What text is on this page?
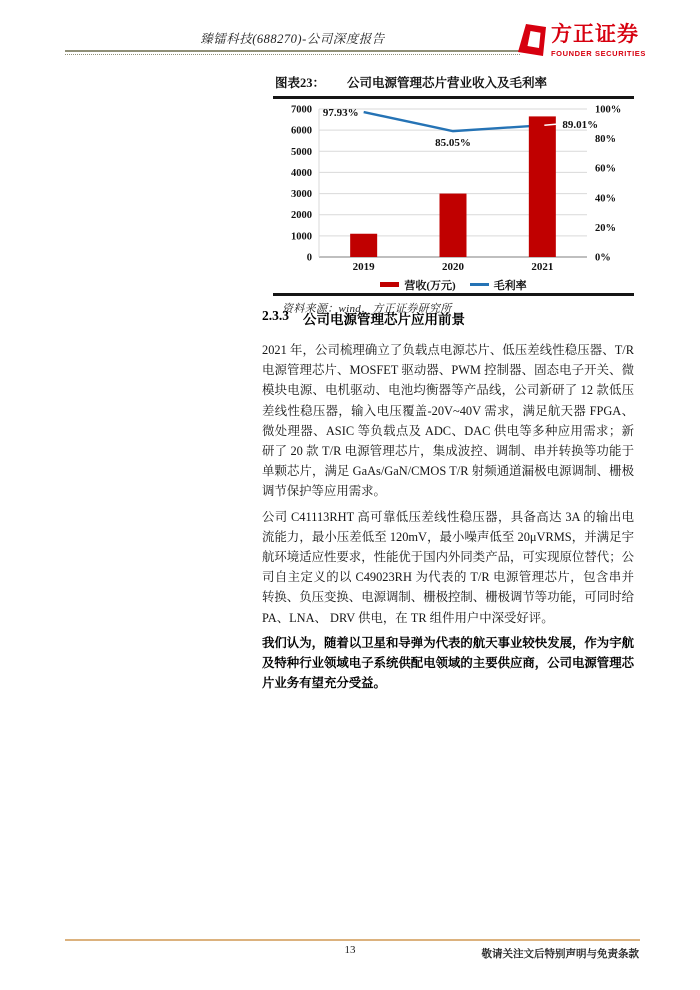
臻镭科技(688270)-公司深度报告	方正证券
FOUNDER SECURITIES
图表23： 公司电源管理芯片营业收入及毛利率
0
1000
2000
3000
4000
5000
6000
7000
0%
20%
40%
60%
80%
100%
97.93%
85.05%
89.01%
2019	2020	2021
营收(万元)	毛利率
资料来源：wind，方正证券研究所
2.3.3 公司电源管理芯片应用前景

2021 年，公司梳理确立了负载点电源芯片、低压差线性稳压器、T/R 电源管理芯片、MOSFET 驱动器、PWM 控制器、固态电子开关、微模块电源、电机驱动、电池均衡器等产品线，公司新研了 12 款低压差线性稳压器，输入电压覆盖-20V~40V 需求，满足航天器 FPGA、微处理器、ASIC 等负载点及 ADC、DAC 供电等多种应用需求；新研了 20 款 T/R 电源管理芯片，集成波控、调制、串并转换等功能于单颗芯片，满足 GaAs/GaN/CMOS T/R 射频通道漏极电源调制、栅极调节保护等应用需求。

公司 C41113RHT 高可靠低压差线性稳压器，具备高达 3A 的输出电流能力，最小压差低至 120mV，最小噪声低至 20μVRMS，并满足宇航环境适应性要求，性能优于国内外同类产品，可实现原位替代；公司自主定义的以 C49023RH 为代表的 T/R 电源管理芯片，包含串并转换、负压变换、电源调制、栅极控制、栅极调节等功能，可同时给 PA、LNA、 DRV 供电，在 TR 组件用户中深受好评。

我们认为，随着以卫星和导弹为代表的航天事业较快发展，作为宇航及特种行业领域电子系统供配电领域的主要供应商，公司电源管理芯片业务有望充分受益。

13	敬请关注文后特别声明与免责条款
